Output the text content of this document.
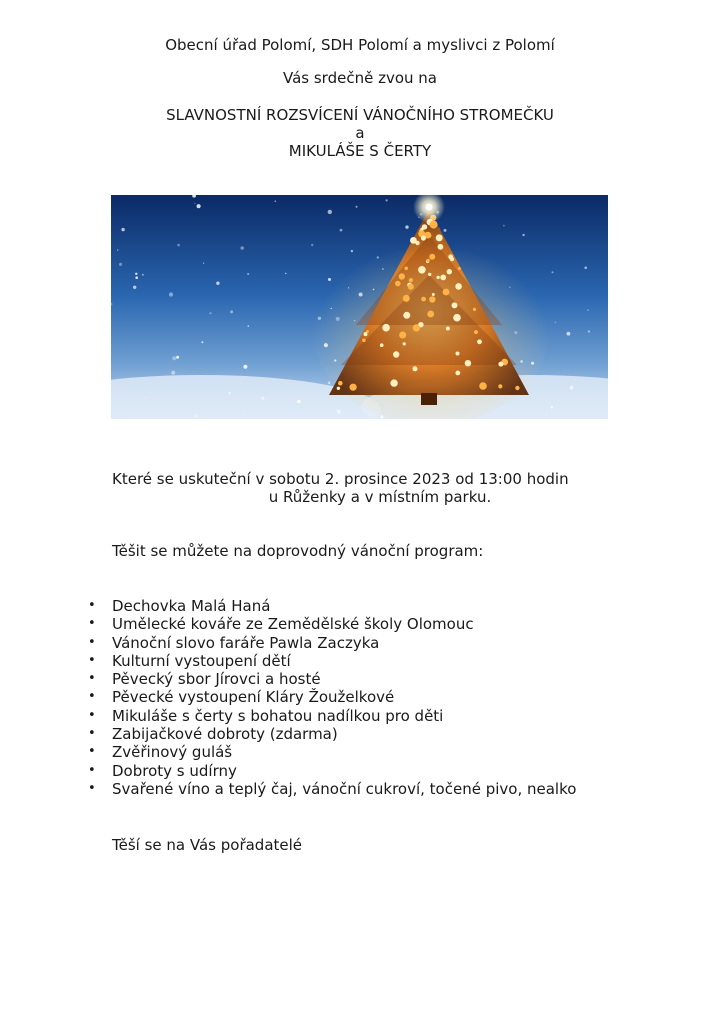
Obecní úřad Polomí, SDH Polomí a myslivci z Polomí
Vás srdečně zvou na
SLAVNOSTNÍ ROZSVÍCENÍ VÁNOČNÍHO STROMEČKU
a
MIKULÁŠE S ČERTY
Které se uskuteční v sobotu 2. prosince 2023 od 13:00 hodin
u Růženky a v místním parku.
Těšit se můžete na doprovodný vánoční program:
• Dechovka Malá Haná
• Umělecké kováře ze Zemědělské školy Olomouc
• Vánoční slovo faráře Pawla Zaczyka
• Kulturní vystoupení dětí
• Pěvecký sbor Jírovci a hosté
• Pěvecké vystoupení Kláry Žouželkové
• Mikuláše s čerty s bohatou nadílkou pro děti
• Zabijačkové dobroty (zdarma)
• Zvěřinový guláš
• Dobroty s udírny
• Svařené víno a teplý čaj, vánoční cukroví, točené pivo, nealko
Těší se na Vás pořadatelé
